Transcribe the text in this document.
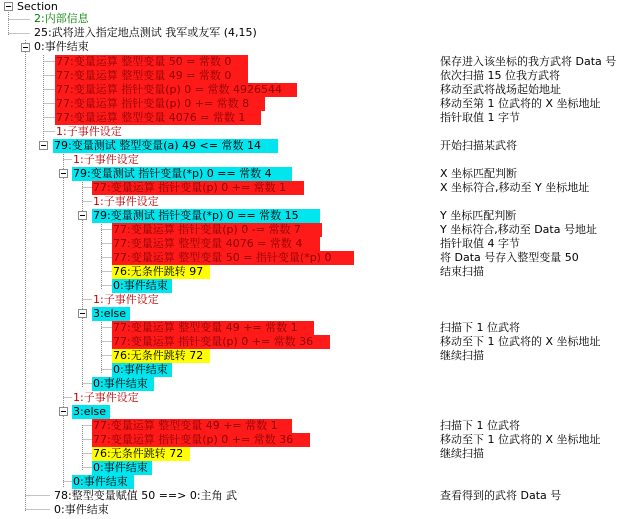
Section
2:内部信息
25:武将进入指定地点测试 我军或友军 (4,15)
0:事件结束
77:变量运算 整型变量 50 = 常数 0
77:变量运算 整型变量 49 = 常数 0
77:变量运算 指针变量(p) 0 = 常数 4926544
77:变量运算 指针变量(p) 0 += 常数 8
77:变量运算 整型变量 4076 = 常数 1
1:子事件设定
79:变量测试 整型变量(a) 49 <= 常数 14
1:子事件设定
79:变量测试 指针变量(*p) 0 == 常数 4
77:变量运算 指针变量(p) 0 += 常数 1
1:子事件设定
79:变量测试 指针变量(*p) 0 == 常数 15
77:变量运算 指针变量(p) 0 -= 常数 7
77:变量运算 整型变量 4076 = 常数 4
77:变量运算 整型变量 50 = 指针变量(*p) 0
76:无条件跳转 97
0:事件结束
1:子事件设定
3:else
77:变量运算 整型变量 49 += 常数 1
77:变量运算 指针变量(p) 0 += 常数 36
76:无条件跳转 72
0:事件结束
0:事件结束
1:子事件设定
3:else
77:变量运算 整型变量 49 += 常数 1
77:变量运算 指针变量(p) 0 += 常数 36
76:无条件跳转 72
0:事件结束
0:事件结束
78:整型变量赋值 50 ==> 0:主角 武
0:事件结束
保存进入该坐标的我方武将 Data 号
依次扫描 15 位我方武将
移动至武将战场起始地址
移动至第 1 位武将的 X 坐标地址
指针取值 1 字节
开始扫描某武将
X 坐标匹配判断
X 坐标符合,移动至 Y 坐标地址
Y 坐标匹配判断
Y 坐标符合,移动至 Data 号地址
指针取值 4 字节
将 Data 号存入整型变量 50
结束扫描
扫描下 1 位武将
移动至下 1 位武将的 X 坐标地址
继续扫描
扫描下 1 位武将
移动至下 1 位武将的 X 坐标地址
继续扫描
查看得到的武将 Data 号
